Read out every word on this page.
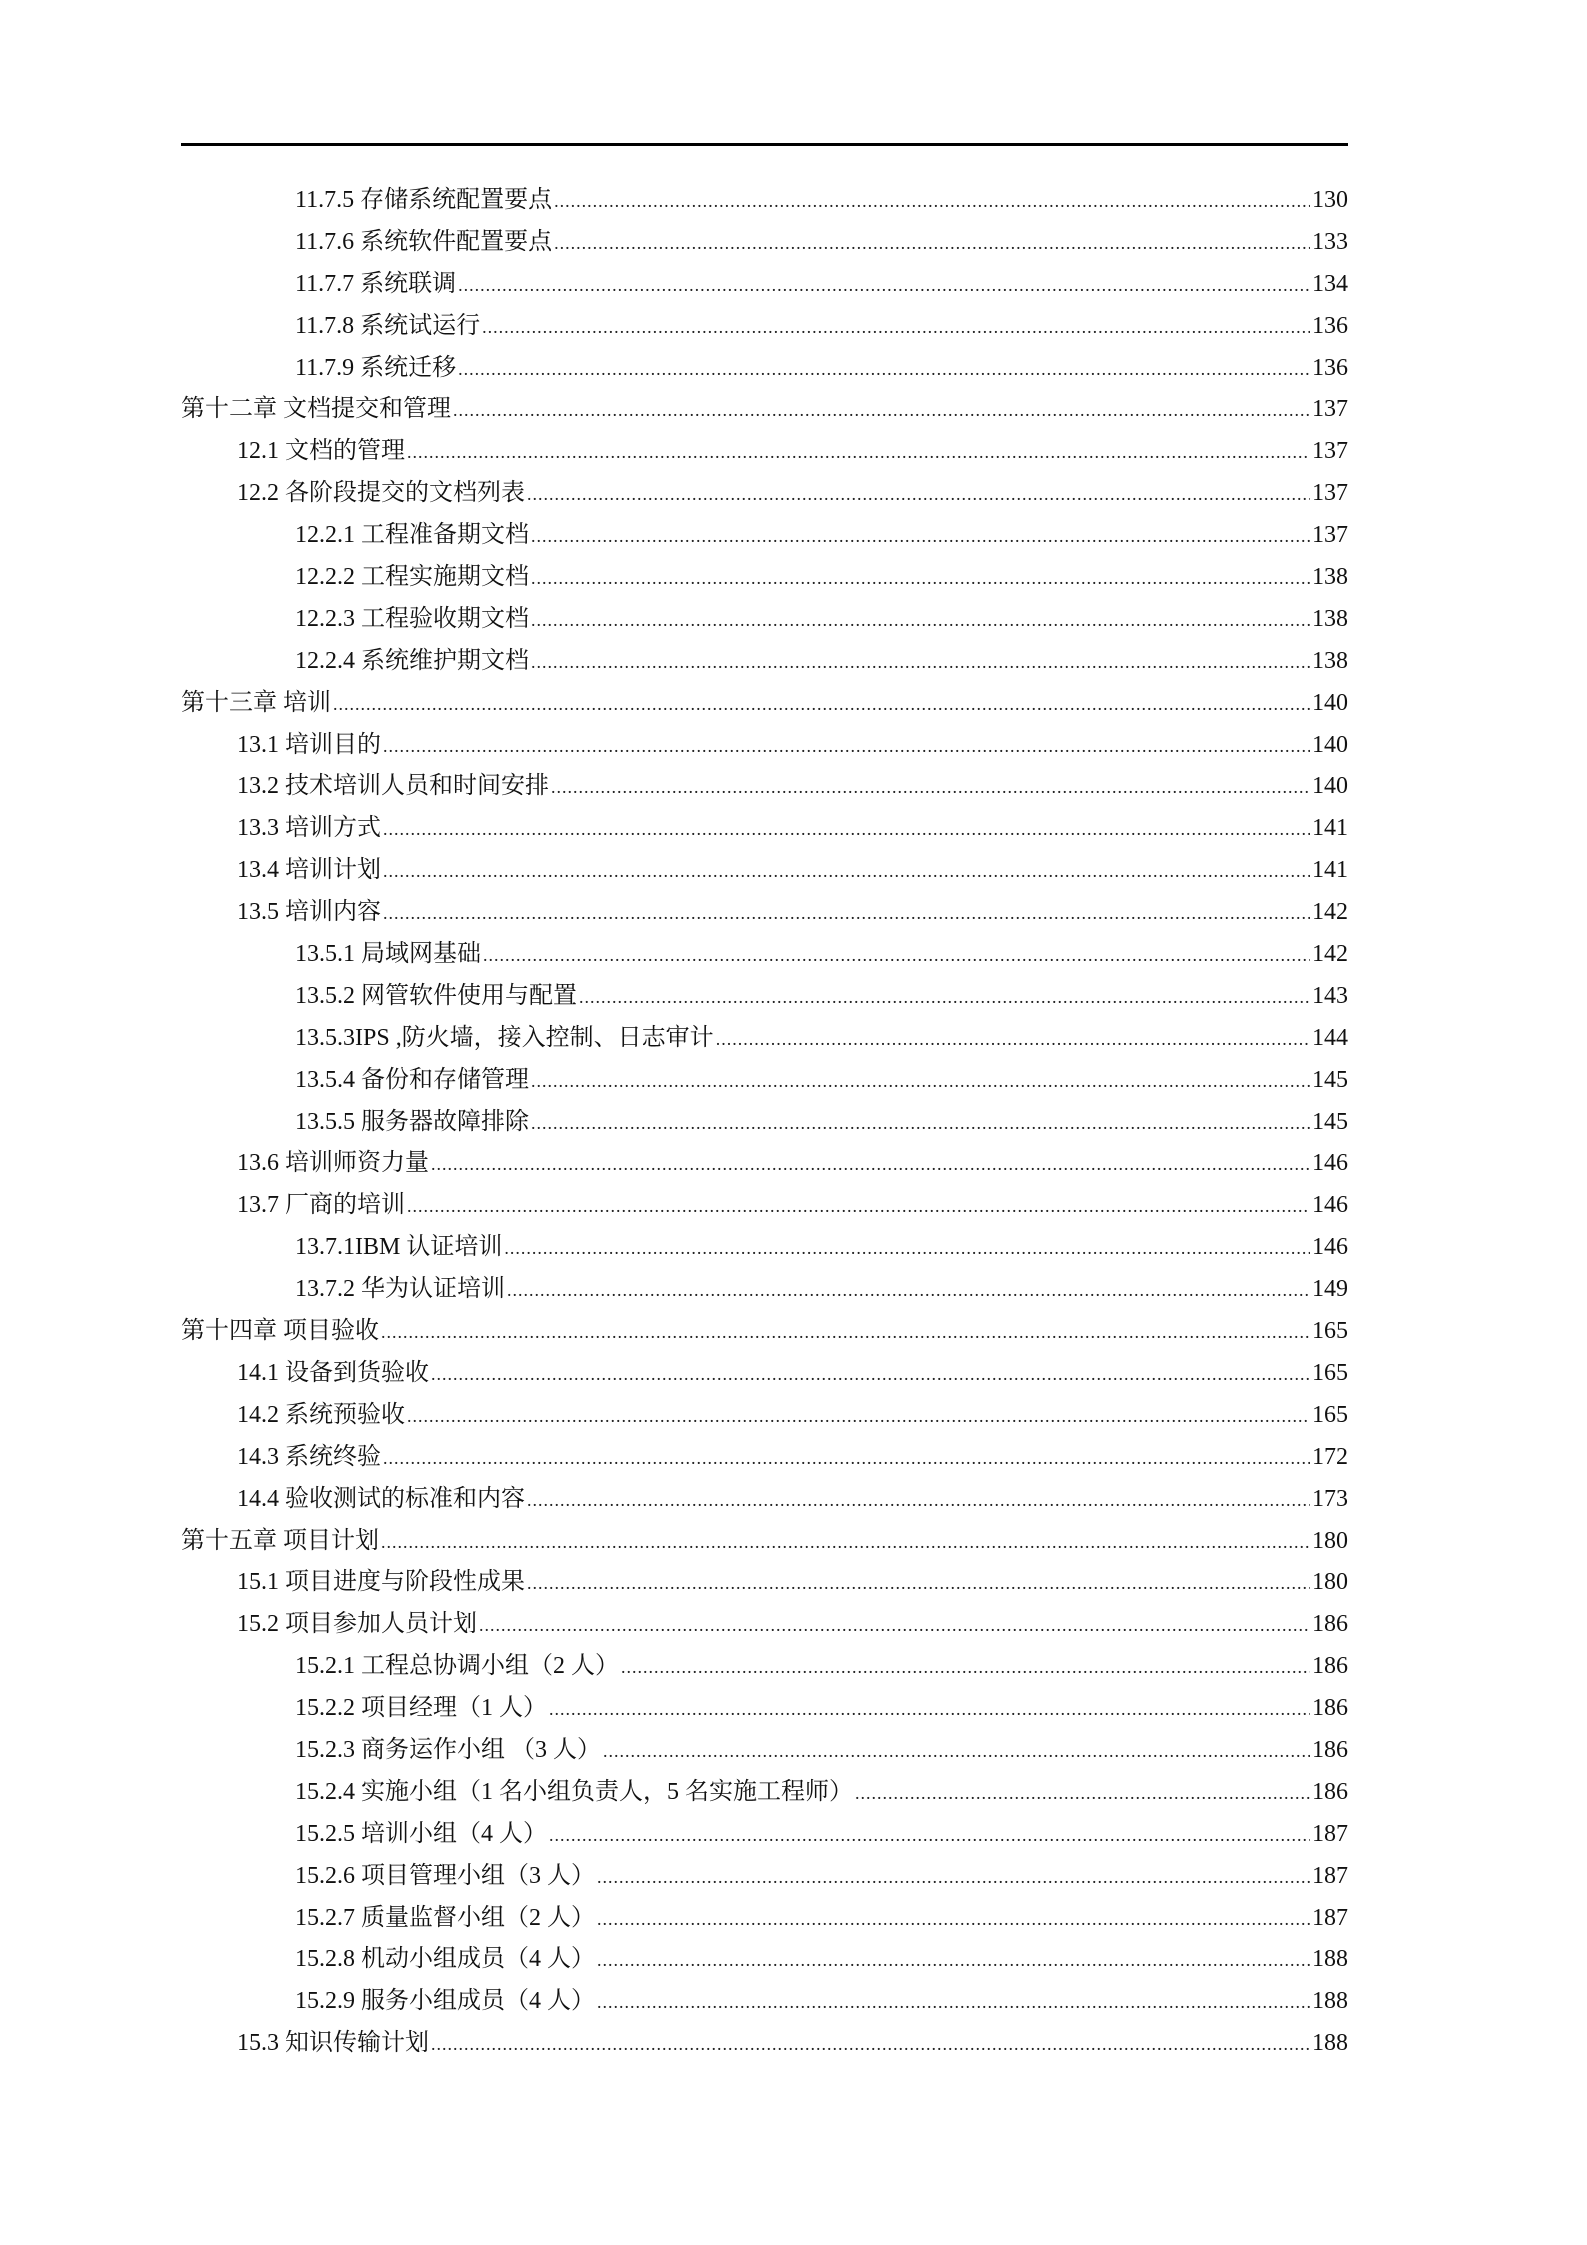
11.7.5 存储系统配置要点 .....	130
11.7.6 系统软件配置要点 .....	133
11.7.7 系统联调 .....	134
11.7.8 系统试运行 .....	136
11.7.9 系统迁移 .....	136
第十二章 文档提交和管理 .....	137
12.1 文档的管理 .....	137
12.2 各阶段提交的文档列表 .....	137
12.2.1 工程准备期文档 .....	137
12.2.2 工程实施期文档 .....	138
12.2.3 工程验收期文档 .....	138
12.2.4 系统维护期文档 .....	138
第十三章 培训 .....	140
13.1 培训目的 .....	140
13.2 技术培训人员和时间安排 .....	140
13.3 培训方式 .....	141
13.4 培训计划 .....	141
13.5 培训内容 .....	142
13.5.1 局域网基础 .....	142
13.5.2 网管软件使用与配置 .....	143
13.5.3IPS ,防火墙，接入控制、日志审计 .....	144
13.5.4 备份和存储管理 .....	145
13.5.5 服务器故障排除 .....	145
13.6 培训师资力量 .....	146
13.7 厂商的培训 .....	146
13.7.1IBM 认证培训 .....	146
13.7.2 华为认证培训 .....	149
第十四章 项目验收 .....	165
14.1 设备到货验收 .....	165
14.2 系统预验收 .....	165
14.3 系统终验 .....	172
14.4 验收测试的标准和内容 .....	173
第十五章 项目计划 .....	180
15.1 项目进度与阶段性成果 .....	180
15.2 项目参加人员计划 .....	186
15.2.1 工程总协调小组（2 人） .....	186
15.2.2 项目经理（1 人） .....	186
15.2.3 商务运作小组 （3 人） .....	186
15.2.4 实施小组（1 名小组负责人，5 名实施工程师） .....	186
15.2.5 培训小组（4 人） .....	187
15.2.6 项目管理小组（3 人） .....	187
15.2.7 质量监督小组（2 人） .....	187
15.2.8 机动小组成员（4 人） .....	188
15.2.9 服务小组成员（4 人） .....	188
15.3 知识传输计划 .....	188
